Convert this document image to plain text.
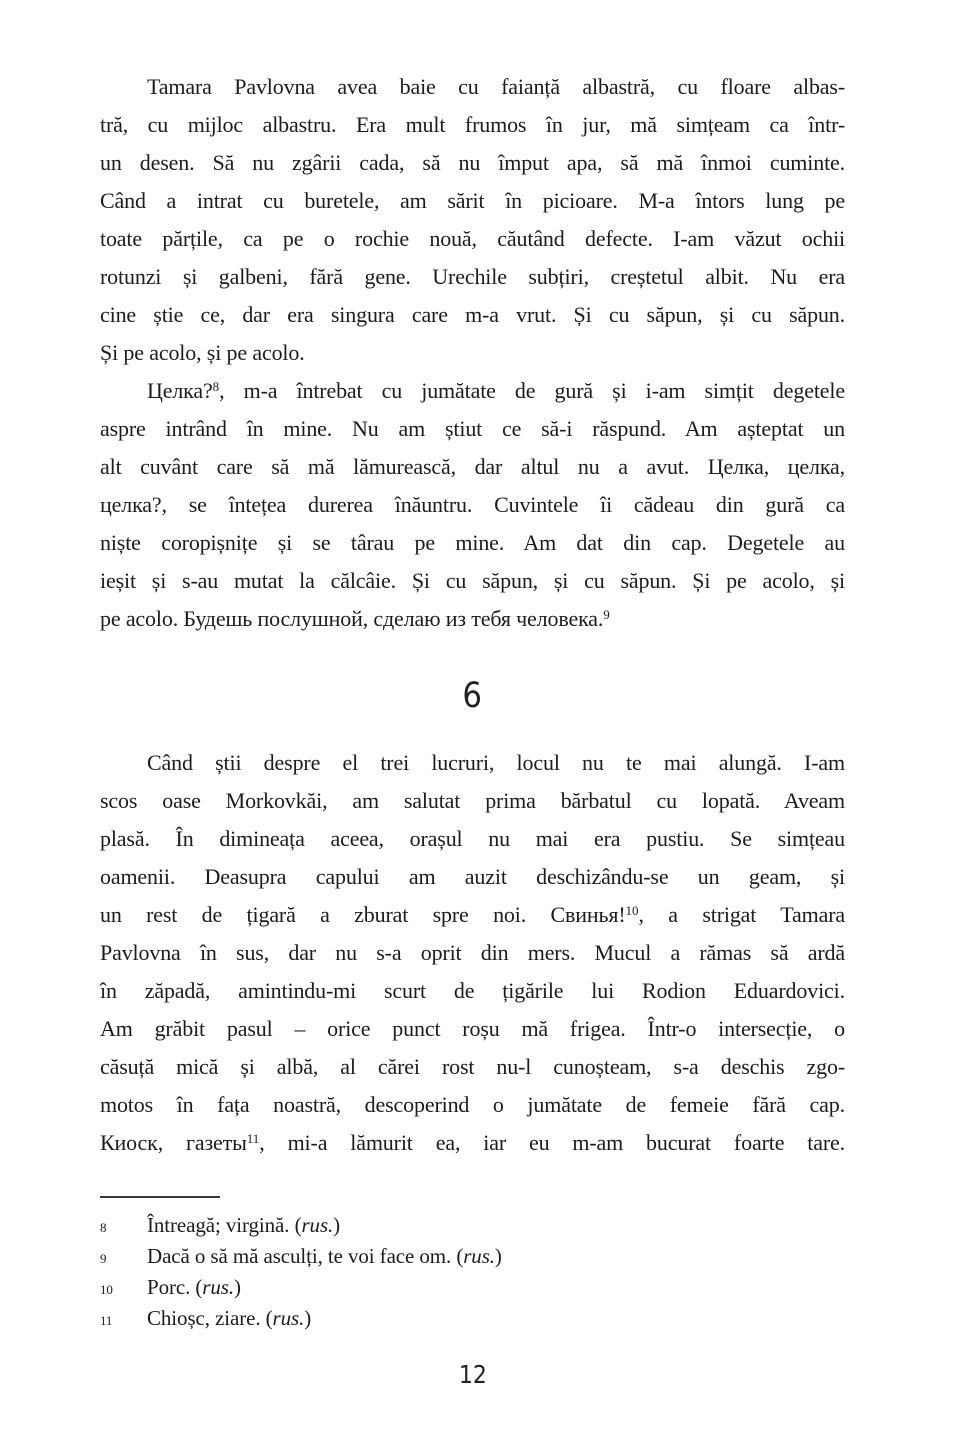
Tamara Pavlovna avea baie cu faianță albastră, cu floare albas-
tră, cu mijloc albastru. Era mult frumos în jur, mă simțeam ca într-
un desen. Să nu zgârii cada, să nu împut apa, să mă înmoi cuminte.
Când a intrat cu buretele, am sărit în picioare. M-a întors lung pe
toate părțile, ca pe o rochie nouă, căutând defecte. I-am văzut ochii
rotunzi și galbeni, fără gene. Urechile subțiri, creștetul albit. Nu era
cine știe ce, dar era singura care m-a vrut. Și cu săpun, și cu săpun.
Și pe acolo, și pe acolo.
Целка?$^8$, m-a întrebat cu jumătate de gură și i-am simțit degetele
aspre intrând în mine. Nu am știut ce să-i răspund. Am așteptat un
alt cuvânt care să mă lămurească, dar altul nu a avut. Целка, целка,
целка?, se întețea durerea înăuntru. Cuvintele îi cădeau din gură ca
niște coropișnițe și se târau pe mine. Am dat din cap. Degetele au
ieșit și s-au mutat la călcâie. Și cu săpun, și cu săpun. Și pe acolo, și
pe acolo. Будешь послушной, сделаю из тебя человека.$^9$
6
Când știi despre el trei lucruri, locul nu te mai alungă. I-am
scos oase Morkovkăi, am salutat prima bărbatul cu lopată. Aveam
plasă. În dimineața aceea, orașul nu mai era pustiu. Se simțeau
oamenii. Deasupra capului am auzit deschizându-se un geam, și
un rest de țigară a zburat spre noi. Свинья!$^{10}$, a strigat Tamara
Pavlovna în sus, dar nu s-a oprit din mers. Mucul a rămas să ardă
în zăpadă, amintindu-mi scurt de țigările lui Rodion Eduardovici.
Am grăbit pasul – orice punct roșu mă frigea. Într-o intersecție, o
căsuță mică și albă, al cărei rost nu-l cunoșteam, s-a deschis zgo-
motos în fața noastră, descoperind o jumătate de femeie fără cap.
Киоск, газеты$^{11}$, mi-a lămurit ea, iar eu m-am bucurat foarte tare.
8	Întreagă; virgină. (rus.)
9	Dacă o să mă asculți, te voi face om. (rus.)
10	Porc. (rus.)
11	Chioșc, ziare. (rus.)
12
